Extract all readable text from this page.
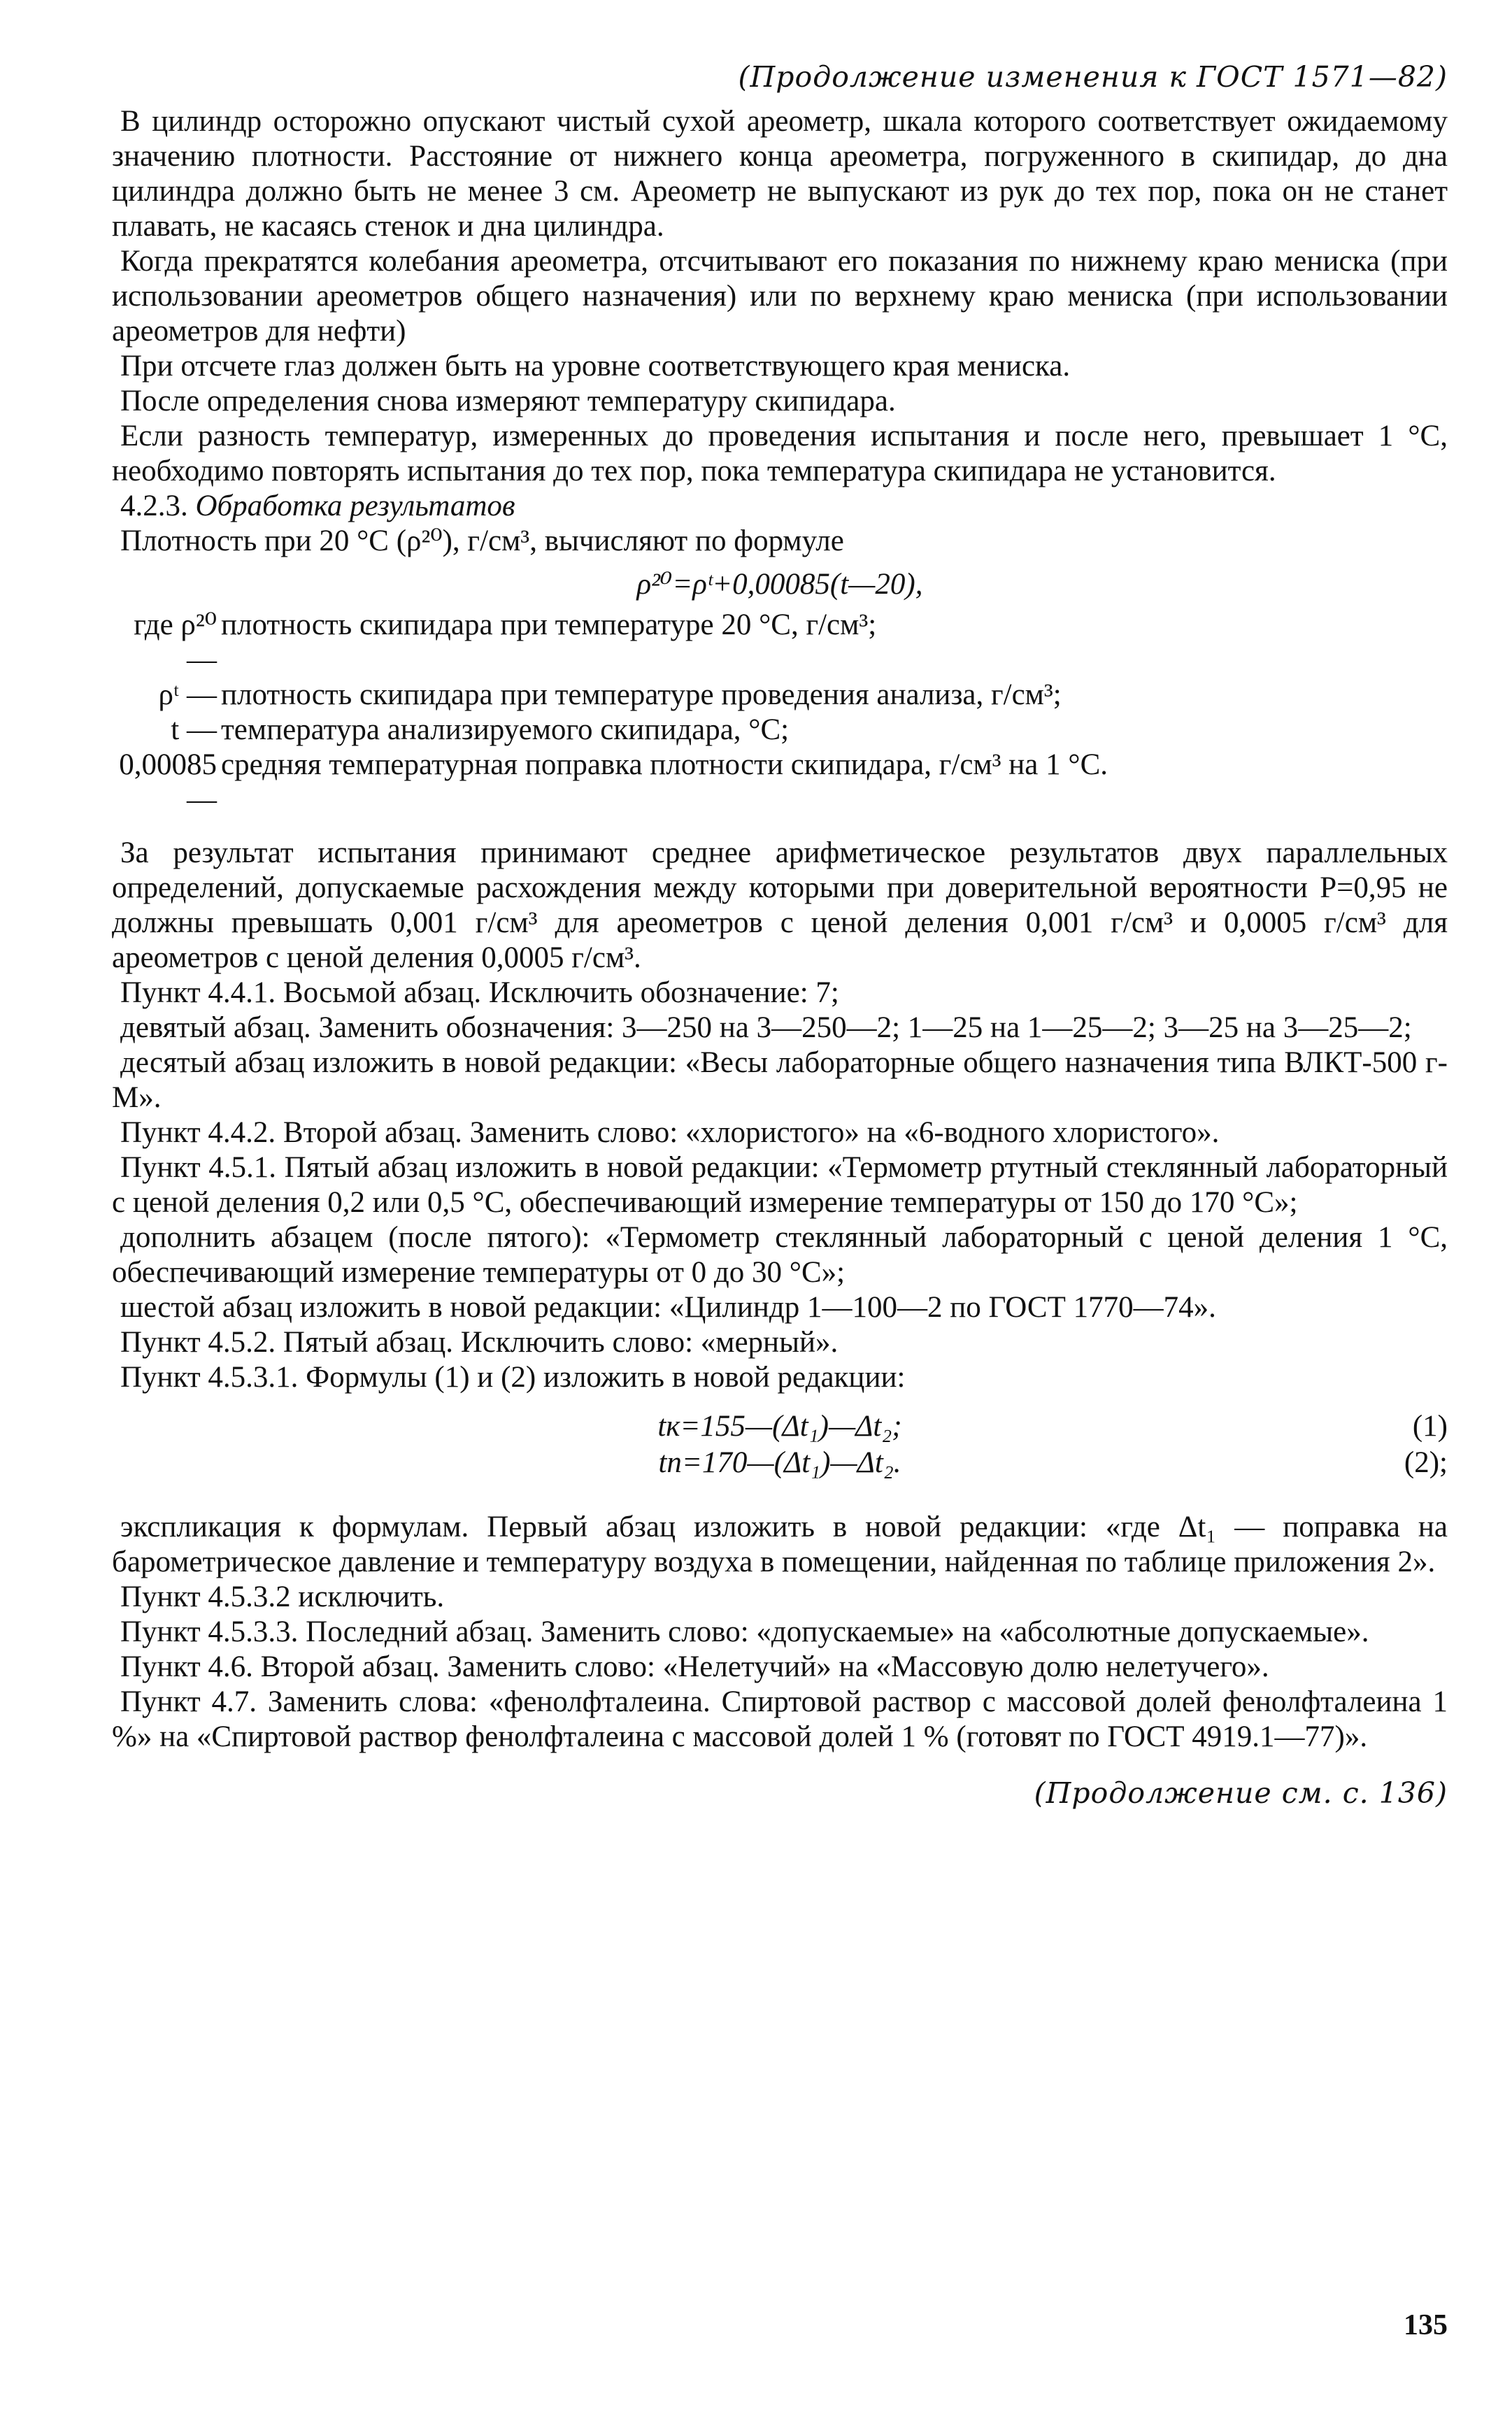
(Продолжение изменения к ГОСТ 1571—82)

В цилиндр осторожно опускают чистый сухой ареометр, шкала которого соответствует ожидаемому значению плотности. Расстояние от нижнего конца ареометра, погруженного в скипидар, до дна цилиндра должно быть не менее 3 см. Ареометр не выпускают из рук до тех пор, пока он не станет плавать, не касаясь стенок и дна цилиндра.

Когда прекратятся колебания ареометра, отсчитывают его показания по нижнему краю мениска (при использовании ареометров общего назначения) или по верхнему краю мениска (при использовании ареометров для нефти)

При отсчете глаз должен быть на уровне соответствующего края мениска.

После определения снова измеряют температуру скипидара.

Если разность температур, измеренных до проведения испытания и после него, превышает 1 °С, необходимо повторять испытания до тех пор, пока температура скипидара не установится.

4.2.3. Обработка результатов

Плотность при 20 °С (ρ²⁰), г/см³, вычисляют по формуле

ρ²⁰=ρᵗ+0,00085(t—20),
где ρ²⁰ —
плотность скипидара при температуре 20 °С, г/см³;
ρᵗ — плотность скипидара при температуре проведения анализа, г/см³;
t — температура анализируемого скипидара, °С;
0,00085 —
средняя температурная поправка плотности скипидара, г/см³ на 1 °С.

За результат испытания принимают среднее арифметическое результатов двух параллельных определений, допускаемые расхождения между которыми при доверительной вероятности P=0,95 не должны превышать 0,001 г/см³ для ареометров с ценой деления 0,001 г/см³ и 0,0005 г/см³ для ареометров с ценой деления 0,0005 г/см³.

Пункт 4.4.1. Восьмой абзац. Исключить обозначение: 7;

девятый абзац. Заменить обозначения: 3—250 на 3—250—2; 1—25 на 1—25—2; 3—25 на 3—25—2;

десятый абзац изложить в новой редакции: «Весы лабораторные общего назначения типа ВЛКТ-500 г-М».

Пункт 4.4.2. Второй абзац. Заменить слово: «хлористого» на «6-водного хлористого».

Пункт 4.5.1. Пятый абзац изложить в новой редакции: «Термометр ртутный стеклянный лабораторный с ценой деления 0,2 или 0,5 °С, обеспечивающий измерение температуры от 150 до 170 °С»;

дополнить абзацем (после пятого): «Термометр стеклянный лабораторный с ценой деления 1 °С, обеспечивающий измерение температуры от 0 до 30 °С»;

шестой абзац изложить в новой редакции: «Цилиндр 1—100—2 по ГОСТ 1770—74».

Пункт 4.5.2. Пятый абзац. Исключить слово: «мерный».

Пункт 4.5.3.1. Формулы (1) и (2) изложить в новой редакции:

tк=155—(Δt₁)—Δt₂;	(1)
tп=170—(Δt₁)—Δt₂.	(2);

экспликация к формулам. Первый абзац изложить в новой редакции: «где Δt₁ — поправка на барометрическое давление и температуру воздуха в помещении, найденная по таблице приложения 2».

Пункт 4.5.3.2 исключить.

Пункт 4.5.3.3. Последний абзац. Заменить слово: «допускаемые» на «абсолютные допускаемые».

Пункт 4.6. Второй абзац. Заменить слово: «Нелетучий» на «Массовую долю нелетучего».

Пункт 4.7. Заменить слова: «фенолфталеина. Спиртовой раствор с массовой долей фенолфталеина 1 %» на «Спиртовой раствор фенолфталеина с массовой долей 1 % (готовят по ГОСТ 4919.1—77)».

(Продолжение см. с. 136)
135
